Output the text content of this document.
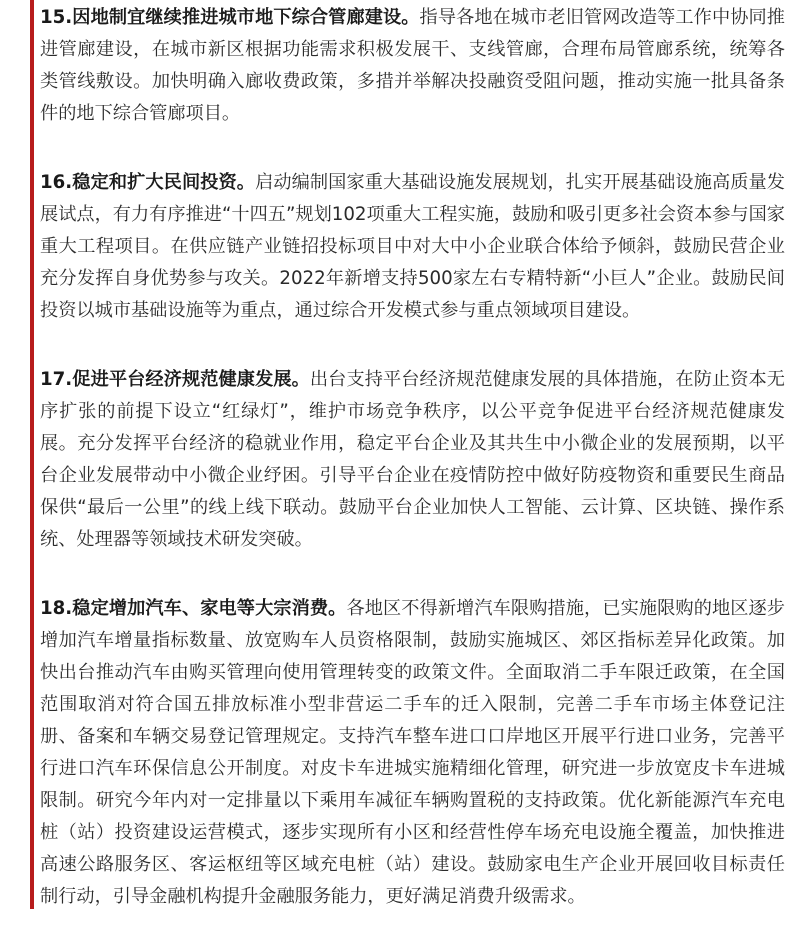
15.因地制宜继续推进城市地下综合管廊建设。指导各地在城市老旧管网改造等工作中协同推进管廊建设，在城市新区根据功能需求积极发展干、支线管廊，合理布局管廊系统，统筹各类管线敷设。加快明确入廊收费政策，多措并举解决投融资受阻问题，推动实施一批具备条件的地下综合管廊项目。

16.稳定和扩大民间投资。启动编制国家重大基础设施发展规划，扎实开展基础设施高质量发展试点，有力有序推进“十四五”规划102项重大工程实施，鼓励和吸引更多社会资本参与国家重大工程项目。在供应链产业链招投标项目中对大中小企业联合体给予倾斜，鼓励民营企业充分发挥自身优势参与攻关。2022年新增支持500家左右专精特新“小巨人”企业。鼓励民间投资以城市基础设施等为重点，通过综合开发模式参与重点领域项目建设。

17.促进平台经济规范健康发展。出台支持平台经济规范健康发展的具体措施，在防止资本无序扩张的前提下设立“红绿灯”，维护市场竞争秩序，以公平竞争促进平台经济规范健康发展。充分发挥平台经济的稳就业作用，稳定平台企业及其共生中小微企业的发展预期，以平台企业发展带动中小微企业纾困。引导平台企业在疫情防控中做好防疫物资和重要民生商品保供“最后一公里”的线上线下联动。鼓励平台企业加快人工智能、云计算、区块链、操作系统、处理器等领域技术研发突破。

18.稳定增加汽车、家电等大宗消费。各地区不得新增汽车限购措施，已实施限购的地区逐步增加汽车增量指标数量、放宽购车人员资格限制，鼓励实施城区、郊区指标差异化政策。加快出台推动汽车由购买管理向使用管理转变的政策文件。全面取消二手车限迁政策，在全国范围取消对符合国五排放标准小型非营运二手车的迁入限制，完善二手车市场主体登记注册、备案和车辆交易登记管理规定。支持汽车整车进口口岸地区开展平行进口业务，完善平行进口汽车环保信息公开制度。对皮卡车进城实施精细化管理，研究进一步放宽皮卡车进城限制。研究今年内对一定排量以下乘用车减征车辆购置税的支持政策。优化新能源汽车充电桩（站）投资建设运营模式，逐步实现所有小区和经营性停车场充电设施全覆盖，加快推进高速公路服务区、客运枢纽等区域充电桩（站）建设。鼓励家电生产企业开展回收目标责任制行动，引导金融机构提升金融服务能力，更好满足消费升级需求。
